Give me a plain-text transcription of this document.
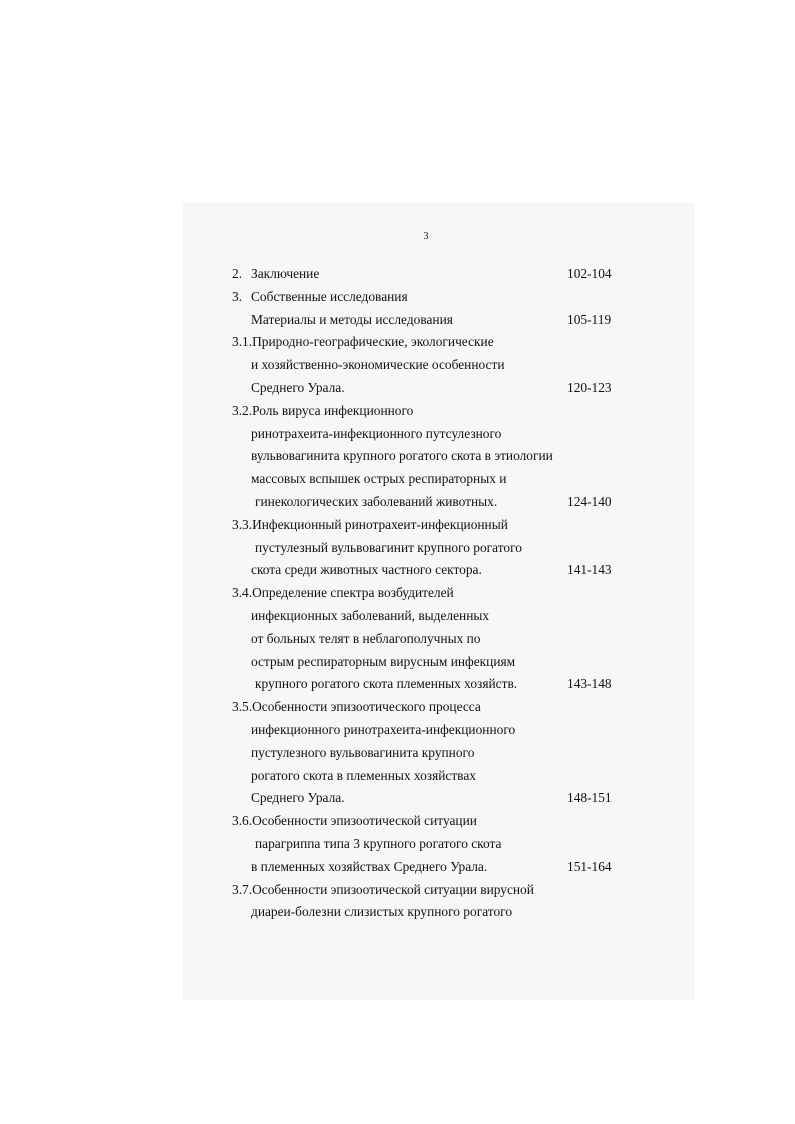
3
2. Заключение	102-104
3. Собственные исследования
Материалы и методы исследования	105-119
3.1.Природно-географические, экологические
и хозяйственно-экономические особенности
Среднего Урала.	120-123
3.2.Роль вируса инфекционного
ринотрахеита-инфекционного путсулезного
вульвовагинита крупного рогатого скота в этиологии
массовых вспышек острых респираторных и
гинекологических заболеваний животных.	124-140
3.3.Инфекционный ринотрахеит-инфекционный
пустулезный вульвовагинит крупного рогатого
скота среди животных частного сектора.	141-143
3.4.Определение спектра возбудителей
инфекционных заболеваний, выделенных
от больных телят в неблагополучных по
острым респираторным вирусным инфекциям
крупного рогатого скота племенных хозяйств.	143-148
3.5.Особенности эпизоотического процесса
инфекционного ринотрахеита-инфекционного
пустулезного вульвовагинита крупного
рогатого скота в племенных хозяйствах
Среднего Урала.	148-151
3.6.Особенности эпизоотической ситуации
парагриппа типа 3 крупного рогатого скота
в племенных хозяйствах Среднего Урала.	151-164
3.7.Особенности эпизоотической ситуации вирусной
диареи-болезни слизистых крупного рогатого
